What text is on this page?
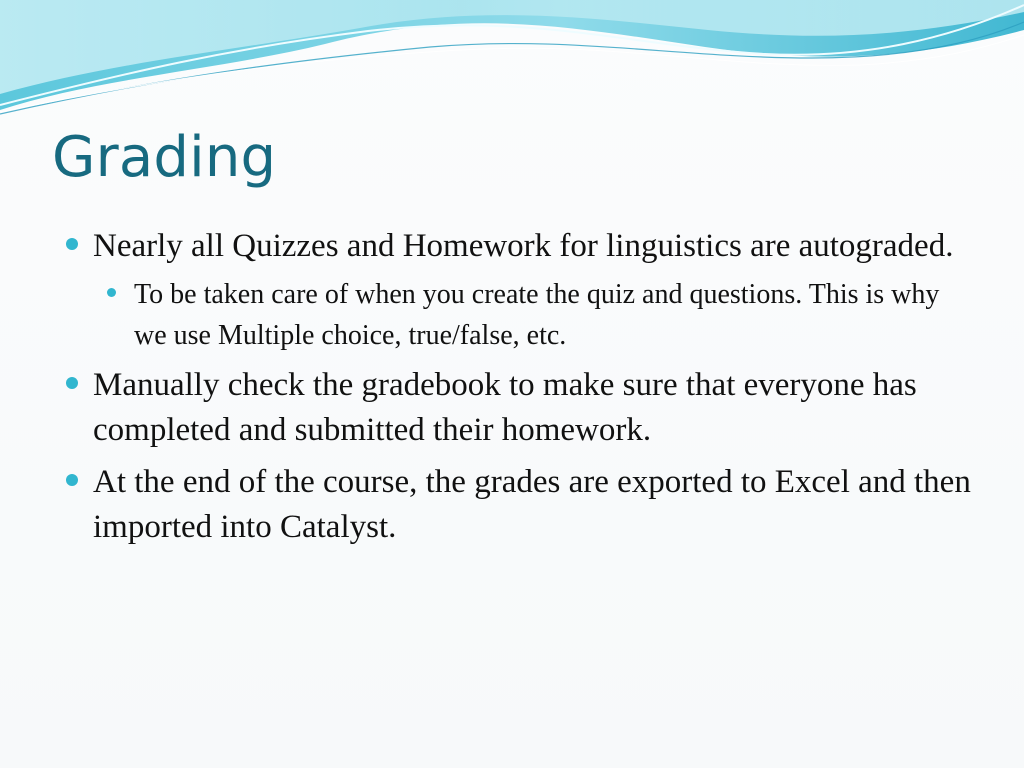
Grading
Nearly all Quizzes and Homework for linguistics are autograded.
To be taken care of when you create the quiz and questions. This is why we use Multiple choice, true/false, etc.
Manually check the gradebook to make sure that everyone has completed and submitted their homework.
At the end of the course, the grades are exported to Excel and then imported into Catalyst.
